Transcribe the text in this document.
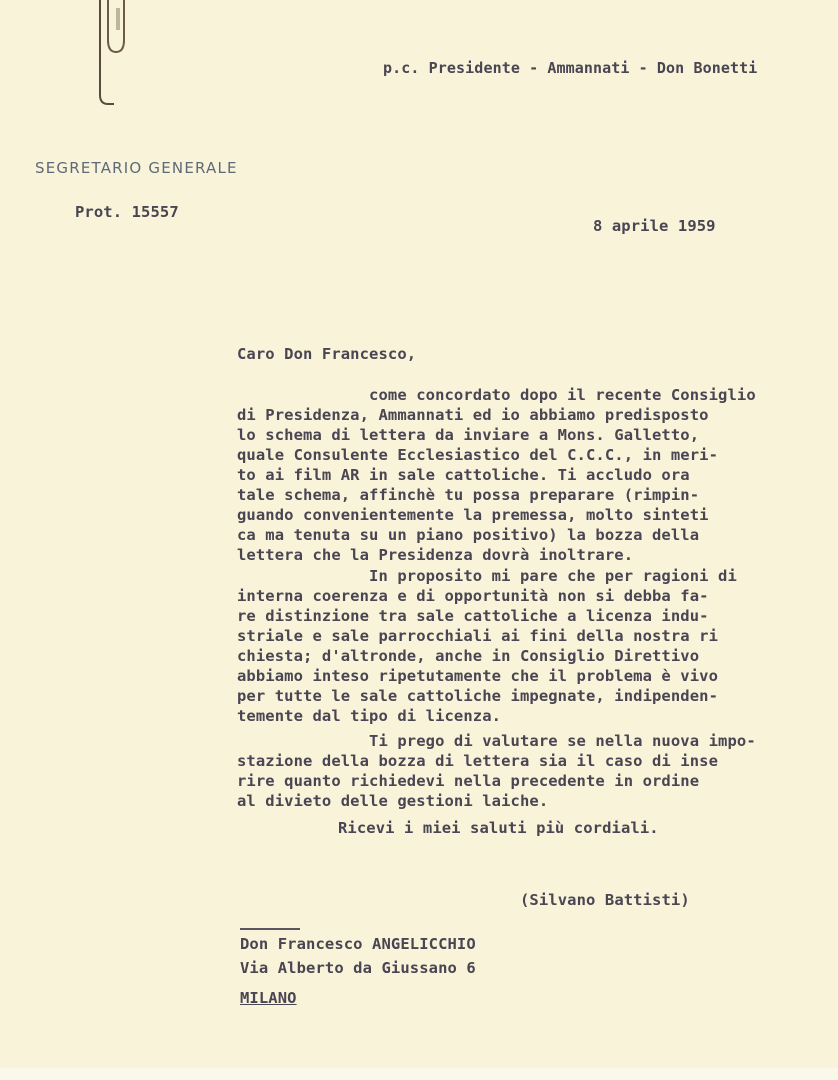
p.c. Presidente - Ammannati - Don Bonetti
SEGRETARIO GENERALE
Prot. 15557
8 aprile 1959
Caro Don Francesco,
come concordato dopo il recente Consiglio
di Presidenza, Ammannati ed io abbiamo predisposto
lo schema di lettera da inviare a Mons. Galletto,
quale Consulente Ecclesiastico del C.C.C., in meri-
to ai film AR in sale cattoliche. Ti accludo ora
tale schema, affinchè tu possa preparare (rimpin-
guando convenientemente la premessa, molto sinteti
ca ma tenuta su un piano positivo) la bozza della
lettera che la Presidenza dovrà inoltrare.
In proposito mi pare che per ragioni di
interna coerenza e di opportunità non si debba fa-
re distinzione tra sale cattoliche a licenza indu-
striale e sale parrocchiali ai fini della nostra ri
chiesta; d'altronde, anche in Consiglio Direttivo
abbiamo inteso ripetutamente che il problema è vivo
per tutte le sale cattoliche impegnate, indipenden-
temente dal tipo di licenza.
Ti prego di valutare se nella nuova impo-
stazione della bozza di lettera sia il caso di inse
rire quanto richiedevi nella precedente in ordine
al divieto delle gestioni laiche.
Ricevi i miei saluti più cordiali.
(Silvano Battisti)
Don Francesco ANGELICCHIO
Via Alberto da Giussano 6
MILANO
